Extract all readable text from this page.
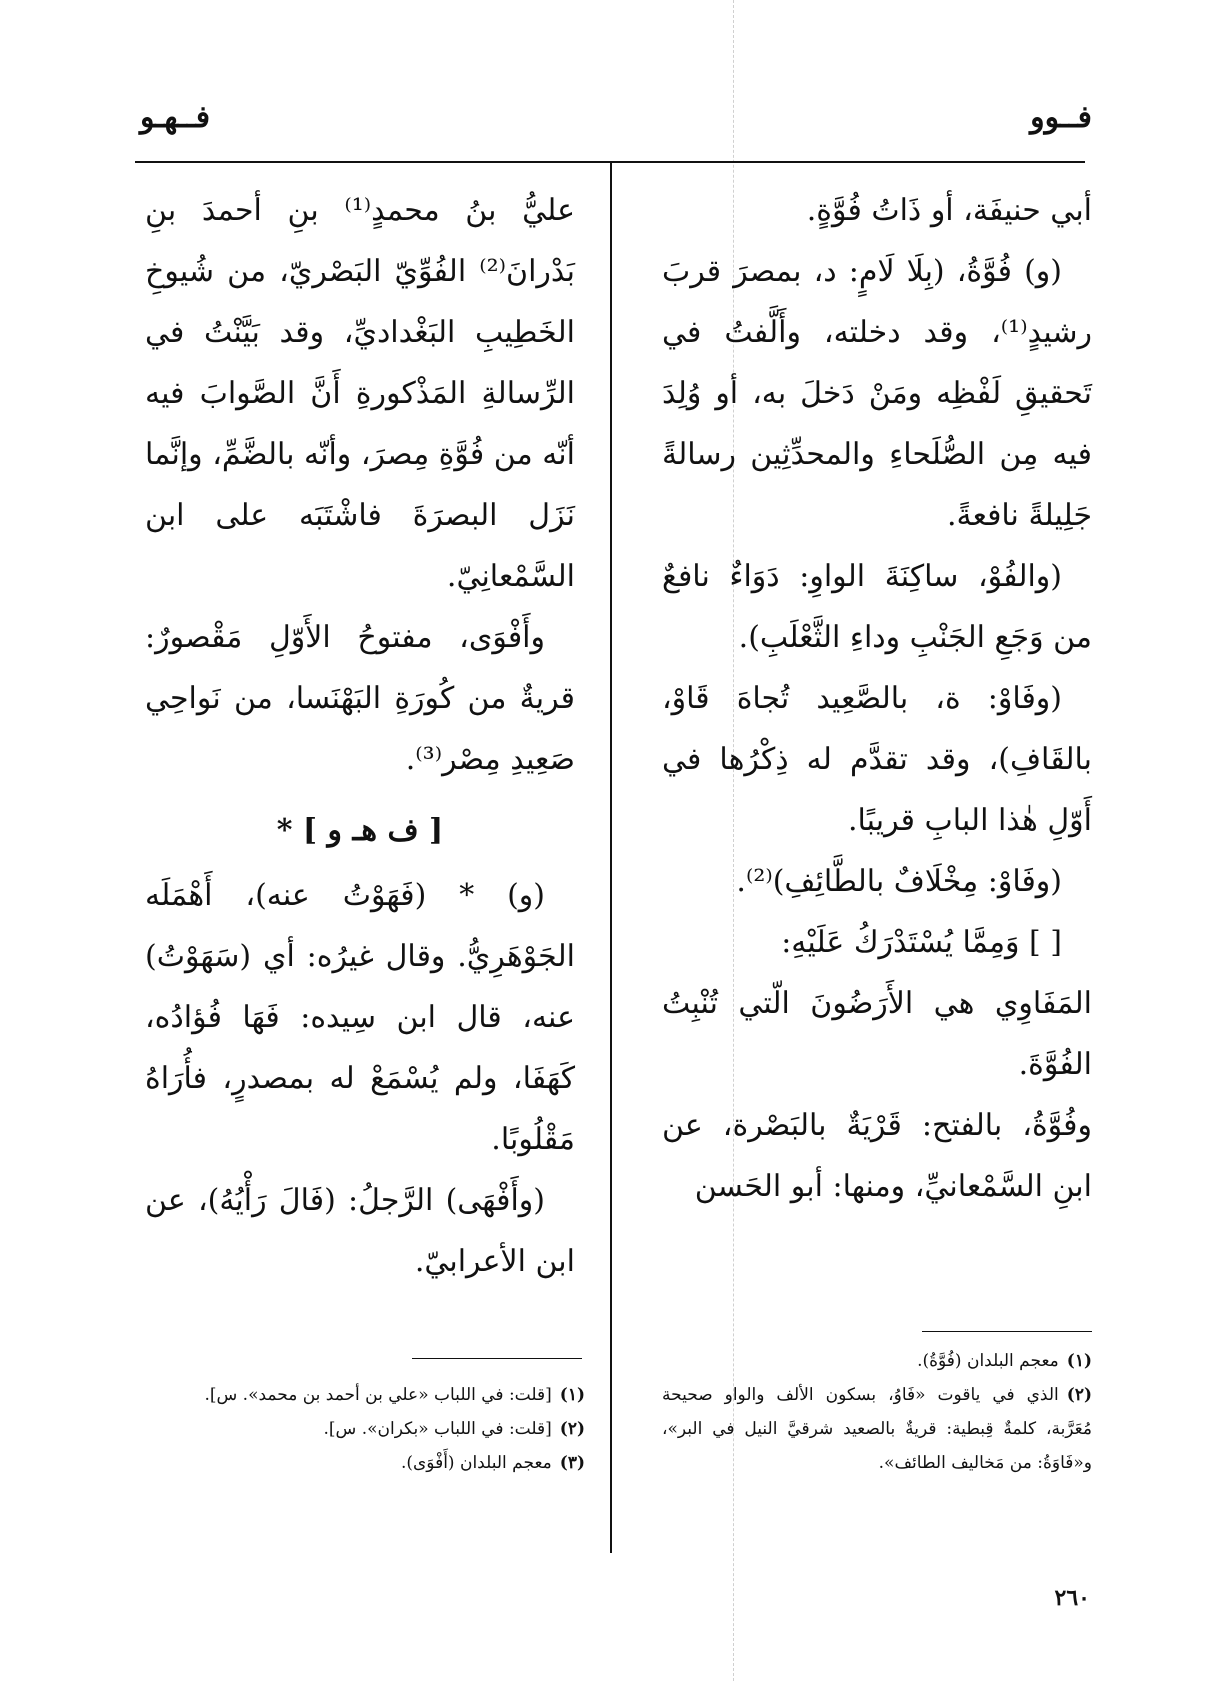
فــوو
فــهـو

أبي حنيفَة، أو ذَاتُ فُوَّةٍ.

(و) فُوَّةُ، (بِلَا لَامٍ: د، بمصرَ قربَ رشيدٍ⁽¹⁾، وقد دخلته، وأَلَّفتُ في تَحقيقِ لَفْظِه ومَنْ دَخلَ به، أو وُلِدَ فيه مِن الصُّلَحاءِ والمحدِّثِين رسالةً جَلِيلةً نافعةً.

(والفُوْ، ساكِنَةَ الواوِ: دَوَاءٌ نافعٌ من وَجَعِ الجَنْبِ وداءِ الثَّعْلَبِ).

(وفَاوْ: ة، بالصَّعِيد تُجاهَ قَاوْ، بالقَافِ)، وقد تقدَّم له ذِكْرُها في أَوّلِ هٰذا البابِ قريبًا.

(وفَاوْ: مِخْلَافٌ بالطَّائِفِ)⁽²⁾.

[ ] وَمِمَّا يُسْتَدْرَكُ عَلَيْهِ:

المَفَاوِي هي الأَرَضُونَ الّتي تُنْبِتُ الفُوَّةَ.

وفُوَّةُ، بالفتح: قَرْيَةٌ بالبَصْرة، عن ابنِ السَّمْعانيِّ، ومنها: أبو الحَسن

عليُّ بنُ محمدٍ⁽¹⁾ بنِ أحمدَ بنِ بَدْرانَ⁽²⁾ الفُوِّيّ البَصْريّ، من شُيوخِ الخَطِيبِ البَغْداديِّ، وقد بَيَّنْتُ في الرِّسالةِ المَذْكورةِ أَنَّ الصَّوابَ فيه أنّه من فُوَّةِ مِصرَ، وأنّه بالضَّمِّ، وإنَّما نَزَل البصرَةَ فاشْتَبَه على ابن السَّمْعانِيّ.

وأَفْوَى، مفتوحُ الأَوّلِ مَقْصورٌ: قريةٌ من كُورَةِ البَهْنَسا، من نَواحِي صَعِيدِ مِصْر⁽³⁾.

[ ف هـ و ] *

(و) * (فَهَوْتُ عنه)، أَهْمَلَه الجَوْهَرِيُّ. وقال غيرُه: أي (سَهَوْتُ) عنه، قال ابن سِيده: فَهَا فُؤادُه، كَهَفَا، ولم يُسْمَعْ له بمصدرٍ، فأُرَاهُ مَقْلُوبًا.

(وأَفْهَى) الرَّجلُ: (فَالَ رَأْيُهُ)، عن ابن الأعرابيّ.

(١)معجم البلدان (فُوَّةُ).

(٢)الذي في ياقوت «فَاوُ، بسكون الألف والواو صحيحة مُعَرَّبة، كلمةٌ قِبطية: قريةٌ بالصعيد شرقيَّ النيل في البر»، و«فَاوَةُ: من مَخاليف الطائف».

(١)[قلت: في اللباب «علي بن أحمد بن محمد». س].

(٢)[قلت: في اللباب «بكران». س].

(٣)معجم البلدان (أَفْوَى).

٢٦٠
